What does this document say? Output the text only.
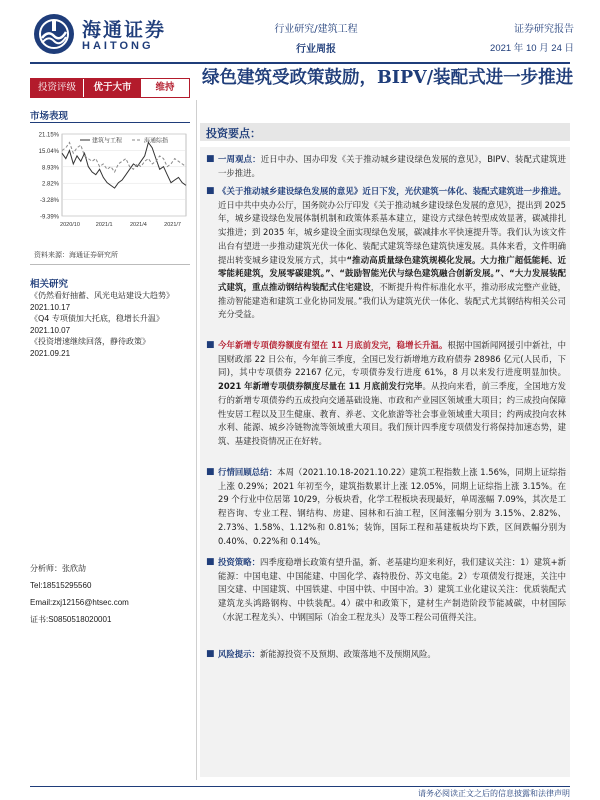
海通证券
HAITONG
行业研究/建筑工程
行业周报
证券研究报告
2021 年 10 月 24 日
投资评级	优于大市	维持	绿色建筑受政策鼓励，BIPV/装配式进一步推进
市场表现
21.15%
15.04%
8.93%
2.82%
-3.28%
-9.39%
2020/10	2021/1	2021/4	2021/7
建筑与工程	海通综指
资料来源：海通证券研究所
相关研究
《仍然看好抽蓄、风光电站建设大趋势》
2021.10.17
《Q4 专项债加大托底，稳增长升温》
2021.10.07
《投资增速继续回落，静待政策》
2021.09.21
分析师：张欣劼
Tel:18515295560
Email:zxj12156@htsec.com
证书:S0850518020001
投资要点：
■ 一周观点：近日中办、国办印发《关于推动城乡建设绿色发展的意见》，BIPV、装配式建筑进一步推进。
■ 《关于推动城乡建设绿色发展的意见》近日下发，光伏建筑一体化、装配式建筑进一步推进。近日中共中央办公厅，国务院办公厅印发《关于推动城乡建设绿色发展的意见》，提出到 2025 年，城乡建设绿色发展体制机制和政策体系基本建立，建设方式绿色转型成效显著，碳减排扎实推进；到 2035 年，城乡建设全面实现绿色发展，碳减排水平快速提升等。我们认为该文件出台有望进一步推动建筑光伏一体化、装配式建筑等绿色建筑快速发展。具体来看，文件明确提出转变城乡建设发展方式，其中“推动高质量绿色建筑规模化发展。大力推广超低能耗、近零能耗建筑，发展零碳建筑。”、“鼓励智能光伏与绿色建筑融合创新发展。”、“大力发展装配式建筑，重点推动钢结构装配式住宅建设，不断提升构件标准化水平，推动形成完整产业链，推动智能建造和建筑工业化协同发展。”我们认为建筑光伏一体化、装配式尤其钢结构相关公司充分受益。
■ 今年新增专项债券额度有望在 11 月底前发完，稳增长升温。根据中国新闻网援引中新社，中国财政部 22 日公布，今年前三季度，全国已发行新增地方政府债券 28986 亿元(人民币，下同)，其中专项债券 22167 亿元，专项债券发行进度 61%，8 月以来发行进度明显加快。2021 年新增专项债券额度尽量在 11 月底前发行完毕。从投向来看，前三季度，全国地方发行的新增专项债券约五成投向交通基础设施、市政和产业园区领域重大项目；约三成投向保障性安居工程以及卫生健康、教育、养老、文化旅游等社会事业领域重大项目；约两成投向农林水利、能源、城乡冷链物流等领域重大项目。我们预计四季度专项债发行将保持加速态势，建筑、基建投资情况正在好转。
■ 行情回顾总结：本周（2021.10.18-2021.10.22）建筑工程指数上涨 1.56%，同期上证综指上涨 0.29%；2021 年初至今，建筑指数累计上涨 12.05%，同期上证综指上涨 3.15%。在 29 个行业中位居第 10/29，分板块看，化学工程板块表现最好，单周涨幅 7.09%，其次是工程咨询、专业工程、钢结构、房建、园林和石油工程，区间涨幅分别为 3.15%、2.82%、2.73%、1.58%、1.12%和 0.81%；装饰，国际工程和基建板块均下跌，区间跌幅分别为 0.40%、0.22%和 0.14%。
■ 投资策略：四季度稳增长政策有望升温，新、老基建均迎来利好，我们建议关注：1）建筑+新能源：中国电建、中国能建、中国化学、森特股份、苏文电能。2）专项债发行提速，关注中国交建、中国建筑、中国铁建、中国中铁、中国中冶。3）建筑工业化建议关注：优质装配式建筑龙头鸿路钢构、中铁装配。4）碳中和政策下，建材生产制造阶段节能减碳，中材国际（水泥工程龙头）、中钢国际（冶金工程龙头）及等工程公司值得关注。
■ 风险提示：新能源投资不及预期、政策落地不及预期风险。
请务必阅读正文之后的信息披露和法律声明
